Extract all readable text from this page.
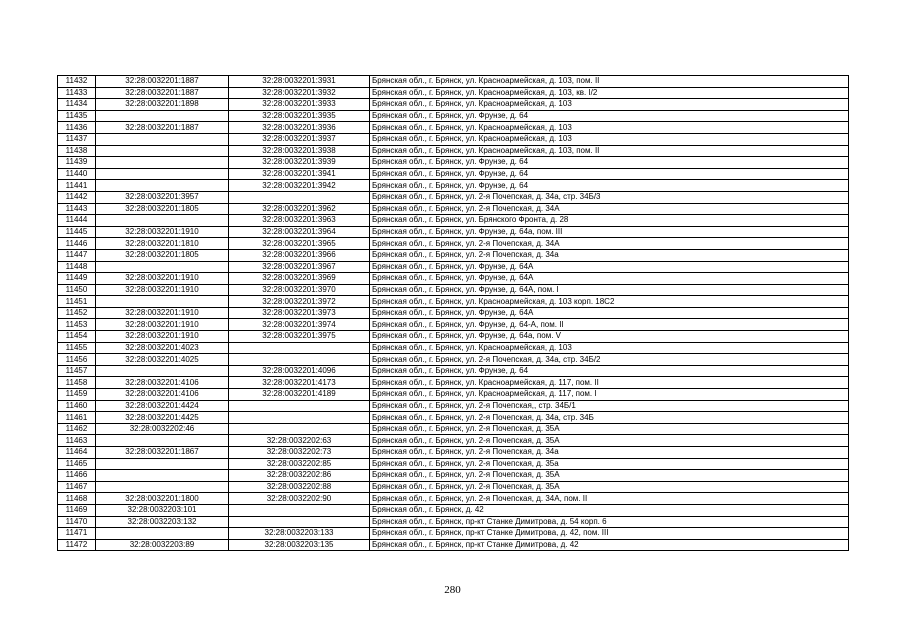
11432	32:28:0032201:1887	32:28:0032201:3931	Брянская обл., г. Брянск, ул. Красноармейская, д. 103, пом. II
11433	32:28:0032201:1887	32:28:0032201:3932	Брянская обл., г. Брянск, ул. Красноармейская, д. 103, кв. I/2
11434	32:28:0032201:1898	32:28:0032201:3933	Брянская обл., г. Брянск, ул. Красноармейская, д. 103
11435		32:28:0032201:3935	Брянская обл., г. Брянск, ул. Фрунзе, д. 64
11436	32:28:0032201:1887	32:28:0032201:3936	Брянская обл., г. Брянск, ул. Красноармейская, д. 103
11437		32:28:0032201:3937	Брянская обл., г. Брянск, ул. Красноармейская, д. 103
11438		32:28:0032201:3938	Брянская обл., г. Брянск, ул. Красноармейская, д. 103, пом. II
11439		32:28:0032201:3939	Брянская обл., г. Брянск, ул. Фрунзе, д. 64
11440		32:28:0032201:3941	Брянская обл., г. Брянск, ул. Фрунзе, д. 64
11441		32:28:0032201:3942	Брянская обл., г. Брянск, ул. Фрунзе, д. 64
11442	32:28:0032201:3957		Брянская обл., г. Брянск, ул. 2-я Почепская, д. 34а, стр. 34Б/3
11443	32:28:0032201:1805	32:28:0032201:3962	Брянская обл., г. Брянск, ул. 2-я Почепская, д. 34А
11444		32:28:0032201:3963	Брянская обл., г. Брянск, ул. Брянского Фронта, д. 28
11445	32:28:0032201:1910	32:28:0032201:3964	Брянская обл., г. Брянск, ул. Фрунзе, д. 64а, пом. III
11446	32:28:0032201:1810	32:28:0032201:3965	Брянская обл., г. Брянск, ул. 2-я Почепская, д. 34А
11447	32:28:0032201:1805	32:28:0032201:3966	Брянская обл., г. Брянск, ул. 2-я Почепская, д. 34а
11448		32:28:0032201:3967	Брянская обл., г. Брянск, ул. Фрунзе, д. 64А
11449	32:28:0032201:1910	32:28:0032201:3969	Брянская обл., г. Брянск, ул. Фрунзе, д. 64А
11450	32:28:0032201:1910	32:28:0032201:3970	Брянская обл., г. Брянск, ул. Фрунзе, д. 64А, пом. I
11451		32:28:0032201:3972	Брянская обл., г. Брянск, ул. Красноармейская, д. 103 корп. 18С2
11452	32:28:0032201:1910	32:28:0032201:3973	Брянская обл., г. Брянск, ул. Фрунзе, д. 64А
11453	32:28:0032201:1910	32:28:0032201:3974	Брянская обл., г. Брянск, ул. Фрунзе, д. 64-А, пом. II
11454	32:28:0032201:1910	32:28:0032201:3975	Брянская обл., г. Брянск, ул. Фрунзе, д. 64а, пом. V
11455	32:28:0032201:4023		Брянская обл., г. Брянск, ул. Красноармейская, д. 103
11456	32:28:0032201:4025		Брянская обл., г. Брянск, ул. 2-я Почепская, д. 34а, стр. 34Б/2
11457		32:28:0032201:4096	Брянская обл., г. Брянск, ул. Фрунзе, д. 64
11458	32:28:0032201:4106	32:28:0032201:4173	Брянская обл., г. Брянск, ул. Красноармейская, д. 117, пом. II
11459	32:28:0032201:4106	32:28:0032201:4189	Брянская обл., г. Брянск, ул. Красноармейская, д. 117, пом. I
11460	32:28:0032201:4424		Брянская обл., г. Брянск, ул. 2-я Почепская,, стр. 34Б/1
11461	32:28:0032201:4425		Брянская обл., г. Брянск, ул. 2-я Почепская, д. 34а, стр. 34Б
11462	32:28:0032202:46		Брянская обл., г. Брянск, ул. 2-я Почепская, д. 35А
11463		32:28:0032202:63	Брянская обл., г. Брянск, ул. 2-я Почепская, д. 35А
11464	32:28:0032201:1867	32:28:0032202:73	Брянская обл., г. Брянск, ул. 2-я Почепская, д. 34а
11465		32:28:0032202:85	Брянская обл., г. Брянск, ул. 2-я Почепская, д. 35а
11466		32:28:0032202:86	Брянская обл., г. Брянск, ул. 2-я Почепская, д. 35А
11467		32:28:0032202:88	Брянская обл., г. Брянск, ул. 2-я Почепская, д. 35А
11468	32:28:0032201:1800	32:28:0032202:90	Брянская обл., г. Брянск, ул. 2-я Почепская, д. 34А, пом. II
11469	32:28:0032203:101		Брянская обл., г. Брянск, д. 42
11470	32:28:0032203:132		Брянская обл., г. Брянск, пр-кт Станке Димитрова, д. 54 корп. 6
11471		32:28:0032203:133	Брянская обл., г. Брянск, пр-кт Станке Димитрова, д. 42, пом. III
11472	32:28:0032203:89	32:28:0032203:135	Брянская обл., г. Брянск, пр-кт Станке Димитрова, д. 42
280
